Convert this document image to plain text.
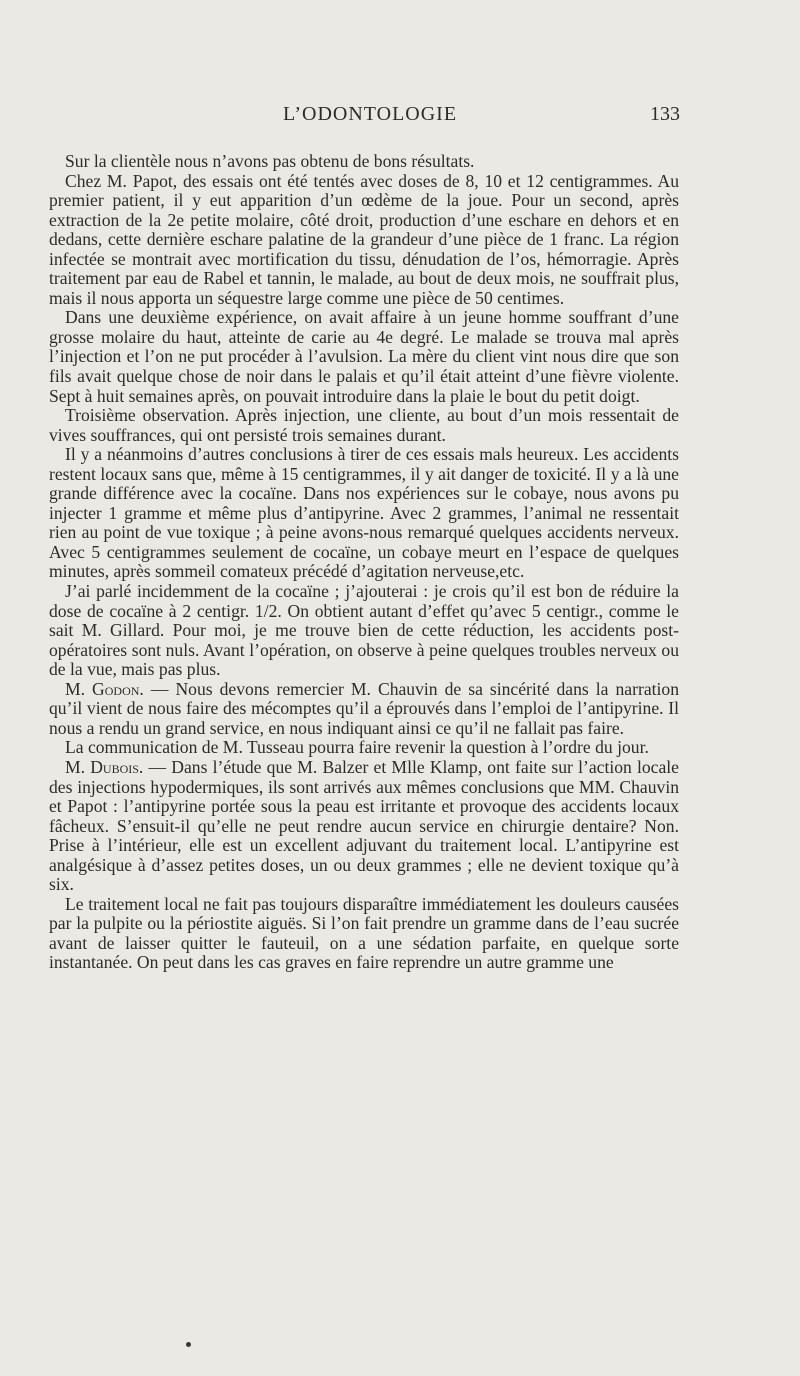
L’ODONTOLOGIE	133

Sur la clientèle nous n’avons pas obtenu de bons résultats.

Chez M. Papot, des essais ont été tentés avec doses de 8, 10 et 12 centigrammes. Au premier patient, il y eut apparition d’un œdème de la joue. Pour un second, après extraction de la 2e petite molaire, côté droit, production d’une eschare en dehors et en dedans, cette dernière eschare palatine de la grandeur d’une pièce de 1 franc. La région infectée se montrait avec mortification du tissu, dénudation de l’os, hémorragie. Après traitement par eau de Rabel et tannin, le malade, au bout de deux mois, ne souffrait plus, mais il nous apporta un séquestre large comme une pièce de 50 centimes.

Dans une deuxième expérience, on avait affaire à un jeune homme souffrant d’une grosse molaire du haut, atteinte de carie au 4e degré. Le malade se trouva mal après l’injection et l’on ne put procéder à l’avulsion. La mère du client vint nous dire que son fils avait quelque chose de noir dans le palais et qu’il était atteint d’une fièvre violente. Sept à huit semaines après, on pouvait introduire dans la plaie le bout du petit doigt.

Troisième observation. Après injection, une cliente, au bout d’un mois ressentait de vives souffrances, qui ont persisté trois semaines durant.

Il y a néanmoins d’autres conclusions à tirer de ces essais mals heureux. Les accidents restent locaux sans que, même à 15 centigrammes, il y ait danger de toxicité. Il y a là une grande différence avec la cocaïne. Dans nos expériences sur le cobaye, nous avons pu injecter 1 gramme et même plus d’antipyrine. Avec 2 grammes, l’animal ne ressentait rien au point de vue toxique ; à peine avons-nous remarqué quelques accidents nerveux. Avec 5 centigrammes seulement de cocaïne, un cobaye meurt en l’espace de quelques minutes, après sommeil comateux précédé d’agitation nerveuse,etc.

J’ai parlé incidemment de la cocaïne ; j’ajouterai : je crois qu’il est bon de réduire la dose de cocaïne à 2 centigr. 1/2. On obtient autant d’effet qu’avec 5 centigr., comme le sait M. Gillard. Pour moi, je me trouve bien de cette réduction, les accidents post-opératoires sont nuls. Avant l’opération, on observe à peine quelques troubles nerveux ou de la vue, mais pas plus.

M. Godon. — Nous devons remercier M. Chauvin de sa sincérité dans la narration qu’il vient de nous faire des mécomptes qu’il a éprouvés dans l’emploi de l’antipyrine. Il nous a rendu un grand service, en nous indiquant ainsi ce qu’il ne fallait pas faire.

La communication de M. Tusseau pourra faire revenir la question à l’ordre du jour.

M. Dubois. — Dans l’étude que M. Balzer et Mlle Klamp, ont faite sur l’action locale des injections hypodermiques, ils sont arrivés aux mêmes conclusions que MM. Chauvin et Papot : l’antipyrine portée sous la peau est irritante et provoque des accidents locaux fâcheux. S’ensuit-il qu’elle ne peut rendre aucun service en chirurgie dentaire? Non. Prise à l’intérieur, elle est un excellent adjuvant du traitement local. L’antipyrine est analgésique à d’assez petites doses, un ou deux grammes ; elle ne devient toxique qu’à six.

Le traitement local ne fait pas toujours disparaître immédiatement les douleurs causées par la pulpite ou la périostite aiguës. Si l’on fait prendre un gramme dans de l’eau sucrée avant de laisser quitter le fauteuil, on a une sédation parfaite, en quelque sorte instantanée. On peut dans les cas graves en faire reprendre un autre gramme une
